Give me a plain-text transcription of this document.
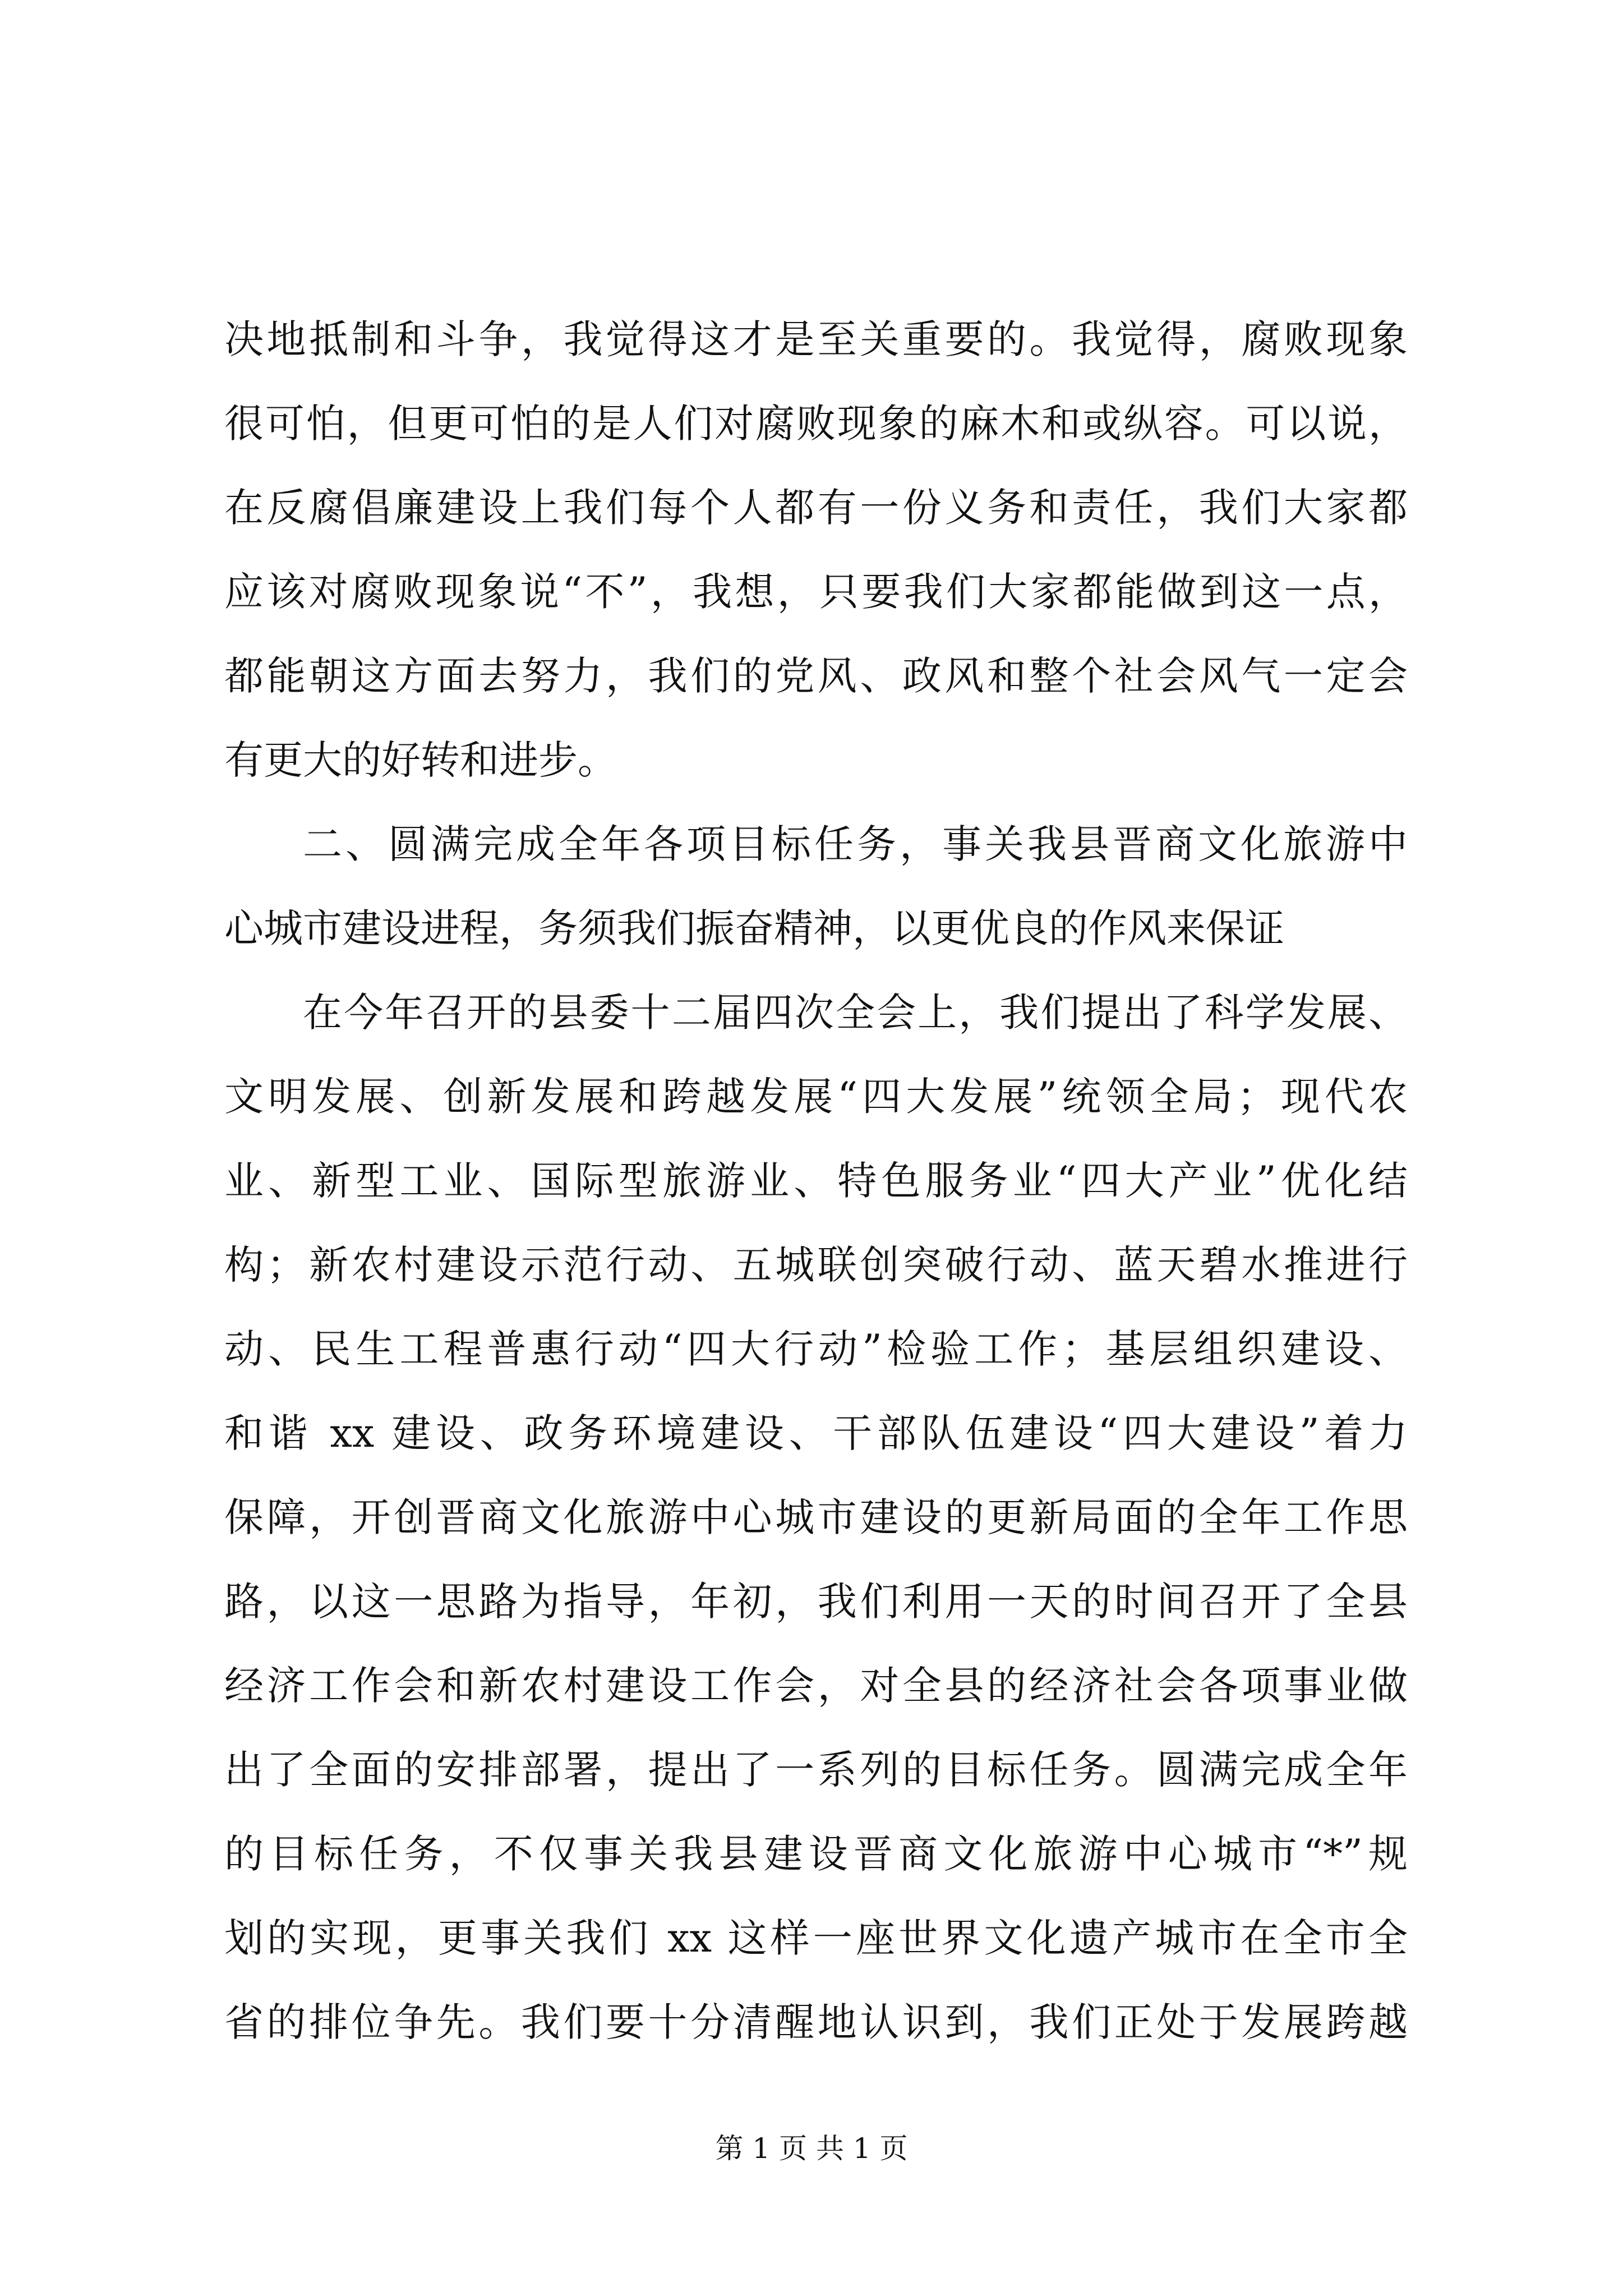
决地抵制和斗争，我觉得这才是至关重要的。我觉得，腐败现象
很可怕，但更可怕的是人们对腐败现象的麻木和或纵容。可以说，
在反腐倡廉建设上我们每个人都有一份义务和责任，我们大家都
应该对腐败现象说“不”，我想，只要我们大家都能做到这一点，
都能朝这方面去努力，我们的党风、政风和整个社会风气一定会
有更大的好转和进步。
二、圆满完成全年各项目标任务，事关我县晋商文化旅游中
心城市建设进程，务须我们振奋精神，以更优良的作风来保证
在今年召开的县委十二届四次全会上，我们提出了科学发展、
文明发展、创新发展和跨越发展“四大发展”统领全局；现代农
业、新型工业、国际型旅游业、特色服务业“四大产业”优化结
构；新农村建设示范行动、五城联创突破行动、蓝天碧水推进行
动、民生工程普惠行动“四大行动”检验工作；基层组织建设、
和谐 xx 建设、政务环境建设、干部队伍建设“四大建设”着力
保障，开创晋商文化旅游中心城市建设的更新局面的全年工作思
路，以这一思路为指导，年初，我们利用一天的时间召开了全县
经济工作会和新农村建设工作会，对全县的经济社会各项事业做
出了全面的安排部署，提出了一系列的目标任务。圆满完成全年
的目标任务，不仅事关我县建设晋商文化旅游中心城市“*”规
划的实现，更事关我们 xx 这样一座世界文化遗产城市在全市全
省的排位争先。我们要十分清醒地认识到，我们正处于发展跨越
第 1 页 共 1 页
